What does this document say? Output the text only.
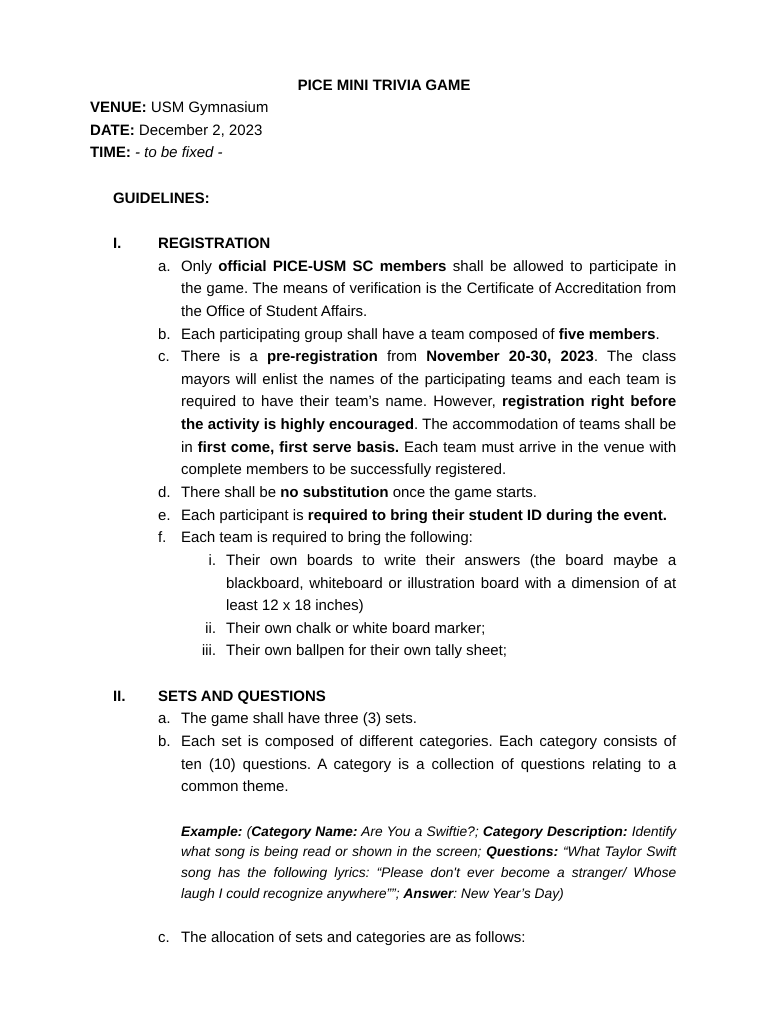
PICE MINI TRIVIA GAME
VENUE: USM Gymnasium
DATE: December 2, 2023
TIME: - to be fixed -
GUIDELINES:
I. REGISTRATION
a. Only official PICE-USM SC members shall be allowed to participate in the game. The means of verification is the Certificate of Accreditation from the Office of Student Affairs.

b. Each participating group shall have a team composed of five members.

c. There is a pre-registration from November 20-30, 2023. The class mayors will enlist the names of the participating teams and each team is required to have their team’s name. However, registration right before the activity is highly encouraged. The accommodation of teams shall be in first come, first serve basis. Each team must arrive in the venue with complete members to be successfully registered.

d. There shall be no substitution once the game starts.

e. Each participant is required to bring their student ID during the event.

f. Each team is required to bring the following:

i. Their own boards to write their answers (the board maybe a blackboard, whiteboard or illustration board with a dimension of at least 12 x 18 inches)

ii. Their own chalk or white board marker;

iii. Their own ballpen for their own tally sheet;

II. SETS AND QUESTIONS
a. The game shall have three (3) sets.

b. Each set is composed of different categories. Each category consists of ten (10) questions. A category is a collection of questions relating to a common theme.

Example: (Category Name: Are You a Swiftie?; Category Description: Identify what song is being read or shown in the screen; Questions: “What Taylor Swift song has the following lyrics: “Please don't ever become a stranger/ Whose laugh I could recognize anywhere””; Answer: New Year’s Day)

c. The allocation of sets and categories are as follows:
